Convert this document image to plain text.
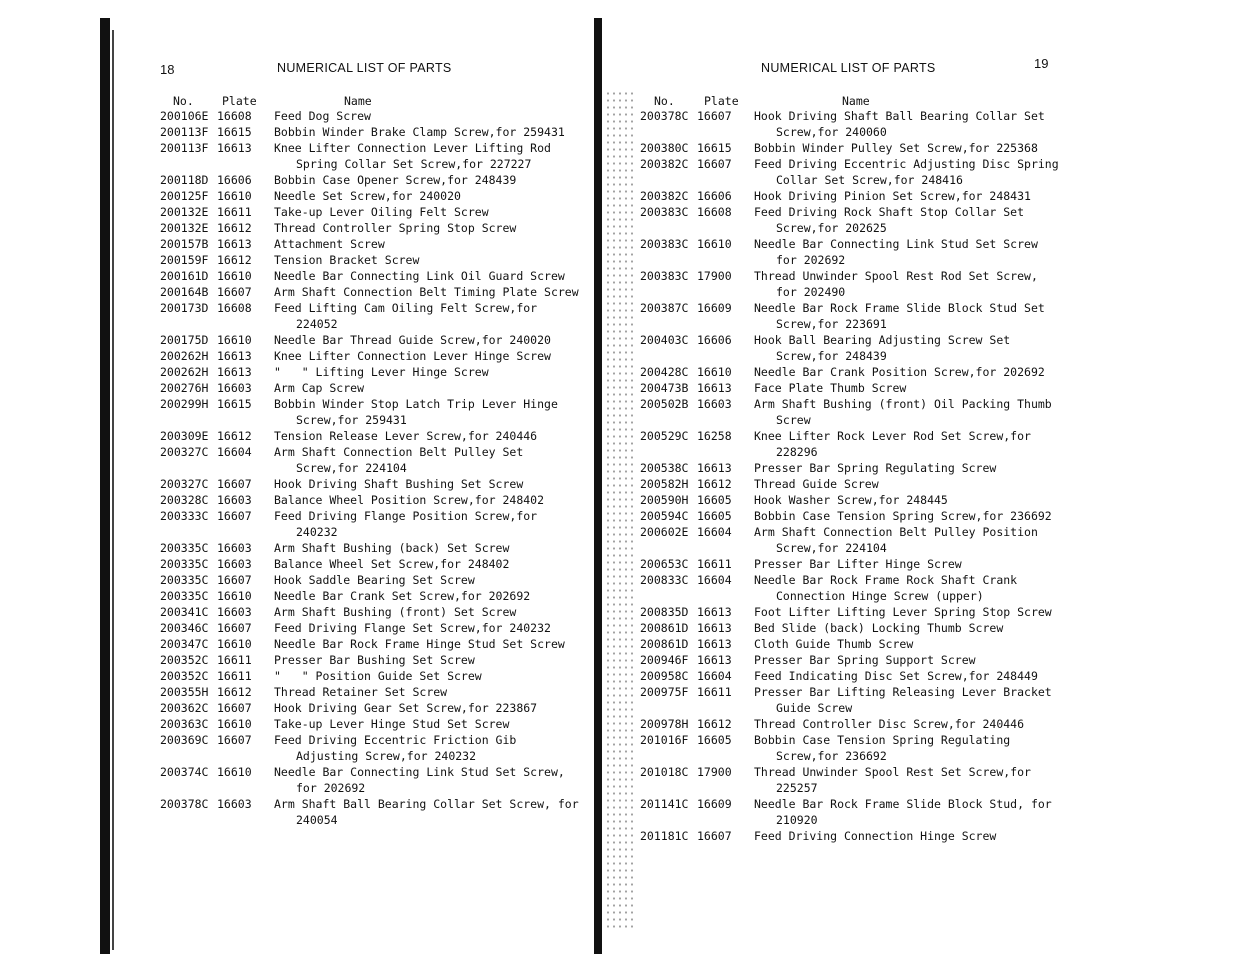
18	NUMERICAL LIST OF PARTS
No. Plate	Name
200106E 16608	Feed Dog Screw
200113F 16615	Bobbin Winder Brake Clamp Screw,for 259431
200113F 16613	Knee Lifter Connection Lever Lifting Rod Spring Collar Set Screw,for 227227
200118D 16606	Bobbin Case Opener Screw,for 248439
200125F 16610	Needle Set Screw,for 240020
200132E 16611	Take-up Lever Oiling Felt Screw
200132E 16612	Thread Controller Spring Stop Screw
200157B 16613	Attachment Screw
200159F 16612	Tension Bracket Screw
200161D 16610	Needle Bar Connecting Link Oil Guard Screw
200164B 16607	Arm Shaft Connection Belt Timing Plate Screw
200173D 16608	Feed Lifting Cam Oiling Felt Screw,for 224052
200175D 16610	Needle Bar Thread Guide Screw,for 240020
200262H 16613	Knee Lifter Connection Lever Hinge Screw
200262H 16613	"   " Lifting Lever Hinge Screw
200276H 16603	Arm Cap Screw
200299H 16615	Bobbin Winder Stop Latch Trip Lever Hinge Screw,for 259431
200309E 16612	Tension Release Lever Screw,for 240446
200327C 16604	Arm Shaft Connection Belt Pulley Set Screw,for 224104
200327C 16607	Hook Driving Shaft Bushing Set Screw
200328C 16603	Balance Wheel Position Screw,for 248402
200333C 16607	Feed Driving Flange Position Screw,for 240232
200335C 16603	Arm Shaft Bushing (back) Set Screw
200335C 16603	Balance Wheel Set Screw,for 248402
200335C 16607	Hook Saddle Bearing Set Screw
200335C 16610	Needle Bar Crank Set Screw,for 202692
200341C 16603	Arm Shaft Bushing (front) Set Screw
200346C 16607	Feed Driving Flange Set Screw,for 240232
200347C 16610	Needle Bar Rock Frame Hinge Stud Set Screw
200352C 16611	Presser Bar Bushing Set Screw
200352C 16611	"   " Position Guide Set Screw
200355H 16612	Thread Retainer Set Screw
200362C 16607	Hook Driving Gear Set Screw,for 223867
200363C 16610	Take-up Lever Hinge Stud Set Screw
200369C 16607	Feed Driving Eccentric Friction Gib Adjusting Screw,for 240232
200374C 16610	Needle Bar Connecting Link Stud Set Screw, for 202692
200378C 16603	Arm Shaft Ball Bearing Collar Set Screw, for 240054
NUMERICAL LIST OF PARTS	19
No.	Plate	Name
200378C 16607	Hook Driving Shaft Ball Bearing Collar Set Screw,for 240060
200380C 16615	Bobbin Winder Pulley Set Screw,for 225368
200382C 16607	Feed Driving Eccentric Adjusting Disc Spring Collar Set Screw,for 248416
200382C 16606	Hook Driving Pinion Set Screw,for 248431
200383C 16608	Feed Driving Rock Shaft Stop Collar Set Screw,for 202625
200383C 16610	Needle Bar Connecting Link Stud Set Screw for 202692
200383C 17900	Thread Unwinder Spool Rest Rod Set Screw, for 202490
200387C 16609	Needle Bar Rock Frame Slide Block Stud Set Screw,for 223691
200403C 16606	Hook Ball Bearing Adjusting Screw Set Screw,for 248439
200428C 16610	Needle Bar Crank Position Screw,for 202692
200473B 16613	Face Plate Thumb Screw
200502B 16603	Arm Shaft Bushing (front) Oil Packing Thumb Screw
200529C 16258	Knee Lifter Rock Lever Rod Set Screw,for 228296
200538C 16613	Presser Bar Spring Regulating Screw
200582H 16612	Thread Guide Screw
200590H 16605	Hook Washer Screw,for 248445
200594C 16605	Bobbin Case Tension Spring Screw,for 236692
200602E 16604	Arm Shaft Connection Belt Pulley Position Screw,for 224104
200653C 16611	Presser Bar Lifter Hinge Screw
200833C 16604	Needle Bar Rock Frame Rock Shaft Crank Connection Hinge Screw (upper)
200835D 16613	Foot Lifter Lifting Lever Spring Stop Screw
200861D 16613	Bed Slide (back) Locking Thumb Screw
200861D 16613	Cloth Guide Thumb Screw
200946F 16613	Presser Bar Spring Support Screw
200958C 16604	Feed Indicating Disc Set Screw,for 248449
200975F 16611	Presser Bar Lifting Releasing Lever Bracket Guide Screw
200978H 16612	Thread Controller Disc Screw,for 240446
201016F 16605	Bobbin Case Tension Spring Regulating Screw,for 236692
201018C 17900	Thread Unwinder Spool Rest Set Screw,for 225257
201141C 16609	Needle Bar Rock Frame Slide Block Stud, for 210920
201181C 16607	Feed Driving Connection Hinge Screw
